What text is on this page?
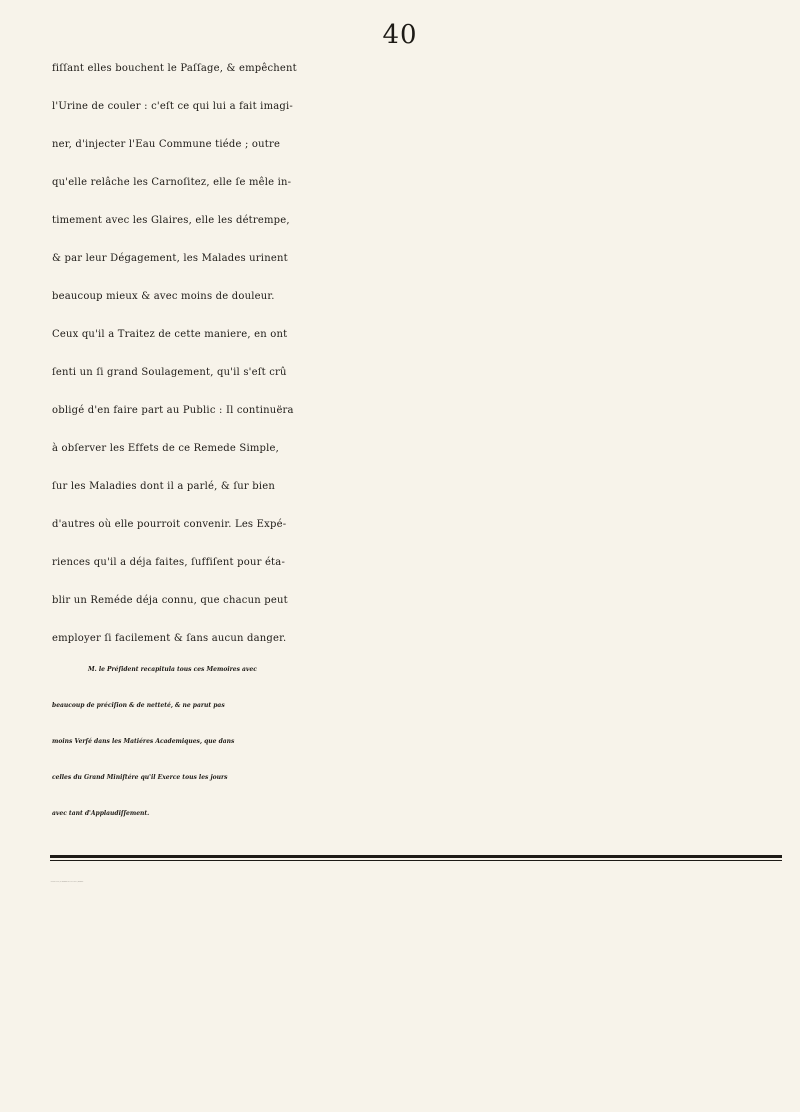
40
fiſſant elles bouchent le Paſſage, & empêchent
l'Urine de couler : c'eſt ce qui lui a fait imagi-
ner, d'injecter l'Eau Commune tiéde ; outre
qu'elle relâche les Carnoſitez, elle ſe mêle in-
timement avec les Glaires, elle les détrempe,
& par leur Dégagement, les Malades urinent
beaucoup mieux & avec moins de douleur.
Ceux qu'il a Traitez de cette maniere, en ont
ſenti un ſi grand Soulagement, qu'il s'eſt crû
obligé d'en faire part au Public : Il continuëra
à obſerver les Effets de ce Remede Simple,
ſur les Maladies dont il a parlé, & ſur bien
d'autres où elle pourroit convenir. Les Expé-
riences qu'il a déja faites, ſuffiſent pour éta-
blir un Reméde déja connu, que chacun peut
employer ſi facilement & ſans aucun danger.
M. le Préſident recapitula tous ces Memoires avec
beaucoup de préciſion & de netteté, & ne parut pas
moins Verſé dans les Matiéres Academiques, que dans
celles du Grand Miniſtére qu'il Exerce tous les jours
avec tant d'Applaudiſſement.
A MONTPELLIER, De l'Imprimerie de JEAN MARTEL, Imprimeur
